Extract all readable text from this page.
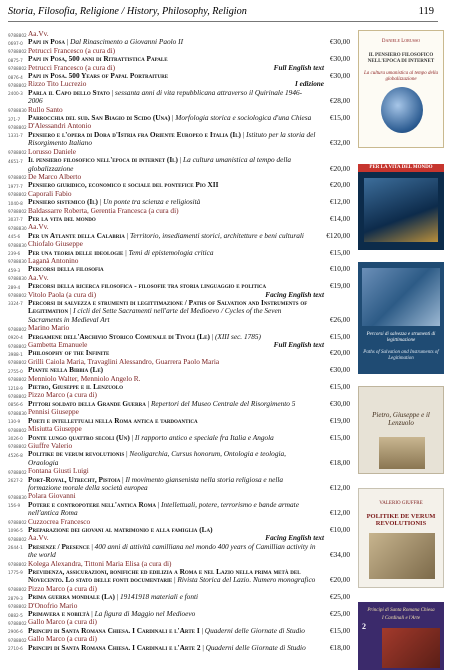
Storia, Filosofia, Religione / History, Philosophy, Religion	119
9788802
0697-0
Aa.Vv.
Papi in Posa | Dal Rinascimento a Giovanni Paolo II	€30,00
9788802
0875-7
Petrucci Francesco (a cura di)
Papi in Posa, 500 anni di Ritrattistica Papale	€30,00
9788802
0876-4
Petrucci Francesco (a cura di)	Full English text
Papi in Posa. 500 Years of Papal Portraiture	€30,00
9788802
2400-3
Rizzo Tito Lucrezio	I edizione
Parla il Capo dello Stato | sessanta anni di vita repubblicana attraverso il Quirinale 1946-2006	€28,00
9788830
371-7
Rullo Santo
Parrocchia del sud. San Biagio di Scido (Una) | Morfologia storica e sociologica d'una Chiesa	€15,00
9788802
1331-7
D'Alessandri Antonio
Pensiero e l'opera di Dora d'Istria fra Oriente Europeo e Italia (Il) | Istituto per la storia del Risorgimento Italiano	€32,00
9788802
4651-7
Lorusso Daniele
Il pensiero filosofico nell'epoca di internet (Il) | La cultura umanistica al tempo della globalizzazione	€20,00
9788802
1977-7
De Marco Alberto
Pensiero giuridico, economico e sociale del pontefice Pio XII	€20,00
9788802
1040-8
Caporali Fabio
Pensiero sistemico (Il) | Un ponte tra scienza e religiosità	€12,00
9788802
3037-7
Baldassarre Roberta, Gerentia Francesca (a cura di)
Per la vita del mondo	€14,00
9788830
445-6
Aa.Vv.
Per un Atlante della Calabria | Territorio, insediamenti storici, architetture e beni culturali	€120,00
9788830
239-6
Chiofalo Giuseppe
Per una teoria delle ideologie | Temi di epistemologia critica	€15,00
9788830
459-3
Laganà Antonino
Percorsi della filosofia	€10,00
9788830
289-4
Aa.Vv.
Percorsi della ricerca filosofica - filosofie tra storia linguaggio e politica	€19,00
9788802
3324-7
Vitolo Paola (a cura di)	Facing English text
Percorsi di salvezza e strumenti di legittimazione / Paths of Salvation and Instruments of Legitimation | I cicli dei Sette Sacramenti nell'arte del Medioevo / Cycles of the Seven Sacraments in Medieval Art	€26,00
9788802
0920-4
Marino Mario
Pergamene dell'Archivio Storico Comunale di Tivoli (Le) | (XIII sec. 1785)	€15,00
9788802
3988-1
Gambetta Emanuele	Full English text
Philosophy of the Infinite	€20,00
9788802
2755-0
Grilli Caiola Maria, Travaglini Alessandro, Guarrera Paolo Maria
Piante nella Bibbia (Le)	€30,00
9788802
1218-9
Menniolo Walter, Menniolo Angelo R.
Pietro, Giuseppe e il Lenzuolo	€15,00
9788802
0856-6
Pizzo Marco (a cura di)
Pittori soldato della Grande Guerra | Repertori del Museo Centrale del Risorgimento 5	€30,00
9788830
130-9
Pennisi Giuseppe
Poeti e intellettuali nella Roma antica e tardoantica	€19,00
9788802
3026-0
Misiutta Giuseppe
Ponte lungo quattro secoli (Un) | Il rapporto antico e speciale fra Italia e Angola	€15,00
9788802
4526-8
Giuffre Valerio
Politike de verum revolutionis | Neoligarchia, Cursus honorum, Ontologia e teologia, Oraologia	€18,00
9788802
2627-2
Fontana Giusti Luigi
Port-Royal, Utrecht, Pistoia | Il movimento giansenista nella storia religiosa e nella formazione morale della società europea	€12,00
9788830
156-9
Polara Giovanni
Potere e contropotere nell'antica Roma | Intellettuali, potere, terrorismo e bande armate nell'antica Roma	€12,00
9788802
1096-5
Cuzzocrea Francesco
Preparazione dei giovani al matrimonio e alla famiglia (La)	€10,00
9788802
2644-1
Aa.Vv.	Facing English text
Presenze / Presence | 400 anni di attività camilliana nel mondo 400 years of Camillian activity in the world	€34,00
9788802
1775-9
Kolega Alexandra, Tittoni Maria Elisa (a cura di)
Previdenza, assicurazioni, bonifiche ed edilizia a Roma e nel Lazio nella prima metà del Novecento. Lo stato delle fonti documentarie | Rivista Storica del Lazio. Numero monografico	€20,00
9788802
2879-3
Pizzo Marco (a cura di)
Prima guerra mondiale (La) | 19141918 materiali e fonti	€25,00
9788802
0882-5
D'Onofrio Mario
Primavera e nobiltà | La figura di Maggio nel Medioevo	€25,00
9788802
2906-6
Gallo Marco (a cura di)
Principi di Santa Romana Chiesa. I Cardinali e l'Arte I | Quaderni delle Giornate di Studio	€15,00
9788802
2710-6
Gallo Marco (a cura di)
Principi di Santa Romana Chiesa. I Cardinali e l'Arte 2 | Quaderni delle Giornate di Studio	€18,00
Daniele Lorusso
IL PENSIERO FILOSOFICO NELL'EPOCA DI INTERNET
La cultura umanistica al tempo della globalizzazione
PER LA VITA DEL MONDO
Percorsi di salvezza e strumenti di legittimazione
Paths of Salvation and Instruments of Legitimation
Pietro, Giuseppe e il Lenzuolo
VALERIO GIUFFRE
POLITIKE DE VERUM REVOLUTIONIS
Principi di Santa Romana Chiesa
I Cardinali e l'Arte
2
